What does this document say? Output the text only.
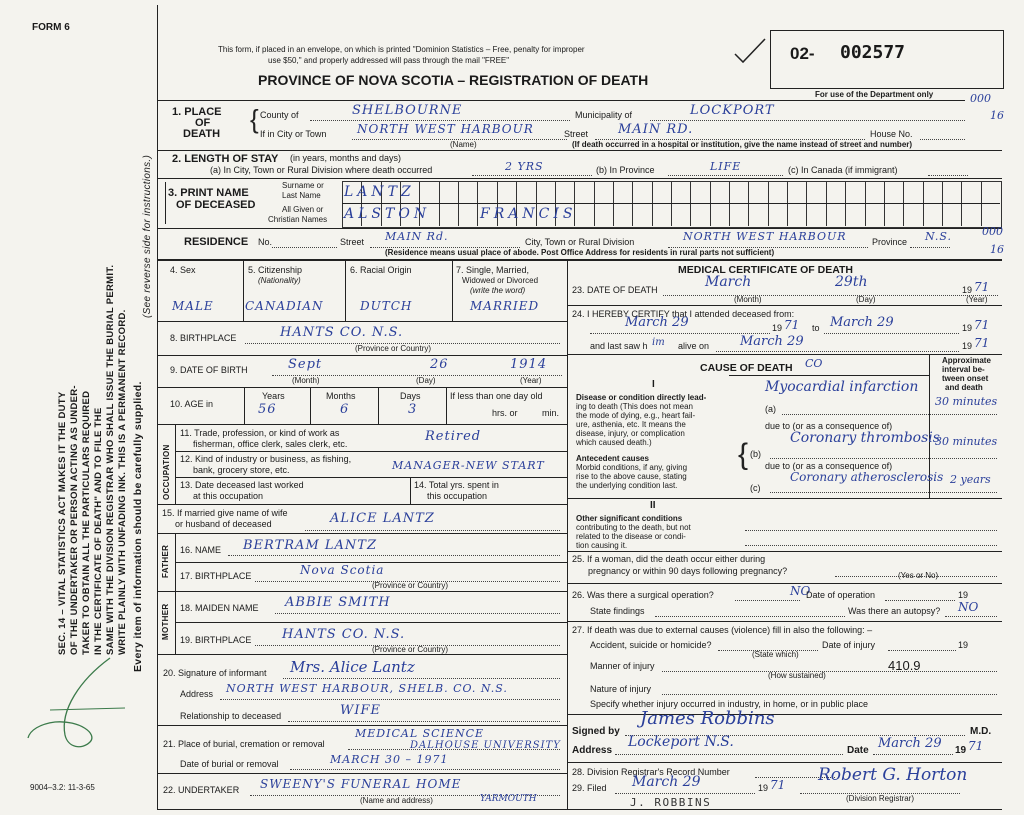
FORM 6
SEC. 14 – VITAL STATISTICS ACT MAKES IT THE DUTY OF THE UNDERTAKER OR PERSON ACTING AS UNDER- TAKER TO OBTAIN ALL THE PARTICULARS REQUIRED IN THE CERTIFICATE OF DEATH" AND TO FILE THE SAME WITH THE DIVISION REGISTRAR WHO SHALL ISSUE THE BURIAL PERMIT. WRITE PLAINLY WITH UNFADING INK. THIS IS A PERMANENT RECORD. Every item of information should be carefully supplied.
(See reverse side for instructions.)
9004–3.2: 11-3-65
This form, if placed in an envelope, on which is printed "Dominion Statistics – Free, penalty for improper
use $50," and properly addressed will pass through the mail "FREE"
PROVINCE OF NOVA SCOTIA – REGISTRATION OF DEATH
02- 002577
For use of the Department only	000
16
1. PLACE
OF
DEATH { County of	SHELBOURNE	Municipality of	LOCKPORT
If in City or Town	NORTH WEST HARBOUR	Street MAIN RD.	House No.
(Name)	(If death occurred in a hospital or institution, give the name instead of street and number)
2. LENGTH OF STAY (in years, months and days)
(a) In City, Town or Rural Division where death occurred	2 YRS	(b) In Province	LIFE	(c) In Canada (if immigrant)
3. PRINT NAME
OF DECEASED
Surname or
Last Name
All Given or
Christian Names
LANTZ
ALSTON	FRANCIS
RESIDENCE No.	Street MAIN Rd.	City, Town or Rural Division	NORTH WEST HARBOUR	Province N.S.	000
16
(Residence means usual place of abode. Post Office Address for residents in rural parts not sufficient)
4. Sex	5. Citizenship
(Nationality)
6. Racial Origin	7. Single, Married,
Widowed or Divorced
(write the word)
MALE	CANADIAN	DUTCH	MARRIED
8. BIRTHPLACE	HANTS CO. N.S.
(Province or Country)
9. DATE OF BIRTH	Sept	26	1914
(Month)	(Day)	(Year)
10. AGE in
Years	Months	Days	If less than one day old
hrs. or	min.
56	6	3
OCCUPATION
11. Trade, profession, or kind of work as
fisherman, office clerk, sales clerk, etc.	Retired
12. Kind of industry or business, as fishing,
bank, grocery store, etc.	MANAGER-NEW START
13. Date deceased last worked
at this occupation
14. Total yrs. spent in
this occupation
15. If married give name of wife
or husband of deceased	ALICE LANTZ
FATHER 16. NAME BERTRAM LANTZ
17. BIRTHPLACE	Nova Scotia
(Province or Country)
MOTHER 18. MAIDEN NAME ABBIE SMITH
19. BIRTHPLACE HANTS CO. N.S.
(Province or Country)
20. Signature of informant Mrs. Alice Lantz
Address NORTH WEST HARBOUR, SHELB. CO. N.S.
Relationship to deceased	WIFE
21. Place of burial, cremation or removal
MEDICAL SCIENCE
DALHOUSE UNIVERSITY
Date of burial or removal	MARCH 30 – 1971
22. UNDERTAKER SWEENY'S FUNERAL HOME
YARMOUTH
(Name and address)
MEDICAL CERTIFICATE OF DEATH
23. DATE OF DEATH	March	29th	19 71
(Month)	(Day)	(Year)
24. I HEREBY CERTIFY that I attended deceased from:
March 29	19 71 to March 29	19 71
and last saw h im alive on March 29	19 71
CAUSE OF DEATH CO	Approximate
interval be-
tween onset
and death
I
Disease or condition directly lead-
ing to death (This does not mean
the mode of dying, e.g., heart fail-
ure, asthenia, etc. It means the
disease, injury, or complication
which caused death.)
(a)
Myocardial infarction
30 minutes
due to (or as a consequence of)
Antecedent causes
Morbid conditions, if any, giving
rise to the above cause, stating
the underlying condition last.
{ (b)
Coronary thrombosis
30 minutes
due to (or as a consequence of)
(c)
Coronary atherosclerosis 2 years
II
Other significant conditions
contributing to the death, but not
related to the disease or condi-
tion causing it.
25. If a woman, did the death occur either during
pregnancy or within 90 days following pregnancy?	(Yes or No)
26. Was there a surgical operation?	NO
Date of operation	19
State findings	Was there an autopsy? NO
27. If death was due to external causes (violence) fill in also the following: –
Accident, suicide or homicide?	Date of injury	19
(State which)
Manner of injury	410.9
(How sustained)
Nature of injury
Specify whether injury occurred in industry, in home, or in public place
Signed by
James Robbins
M.D.
Address
Lockeport N.S.
Date March 29 19 71
28. Division Registrar's Record Number
29. Filed March 29	19 71 Robert G. Horton
(Division Registrar)
J. ROBBINS
